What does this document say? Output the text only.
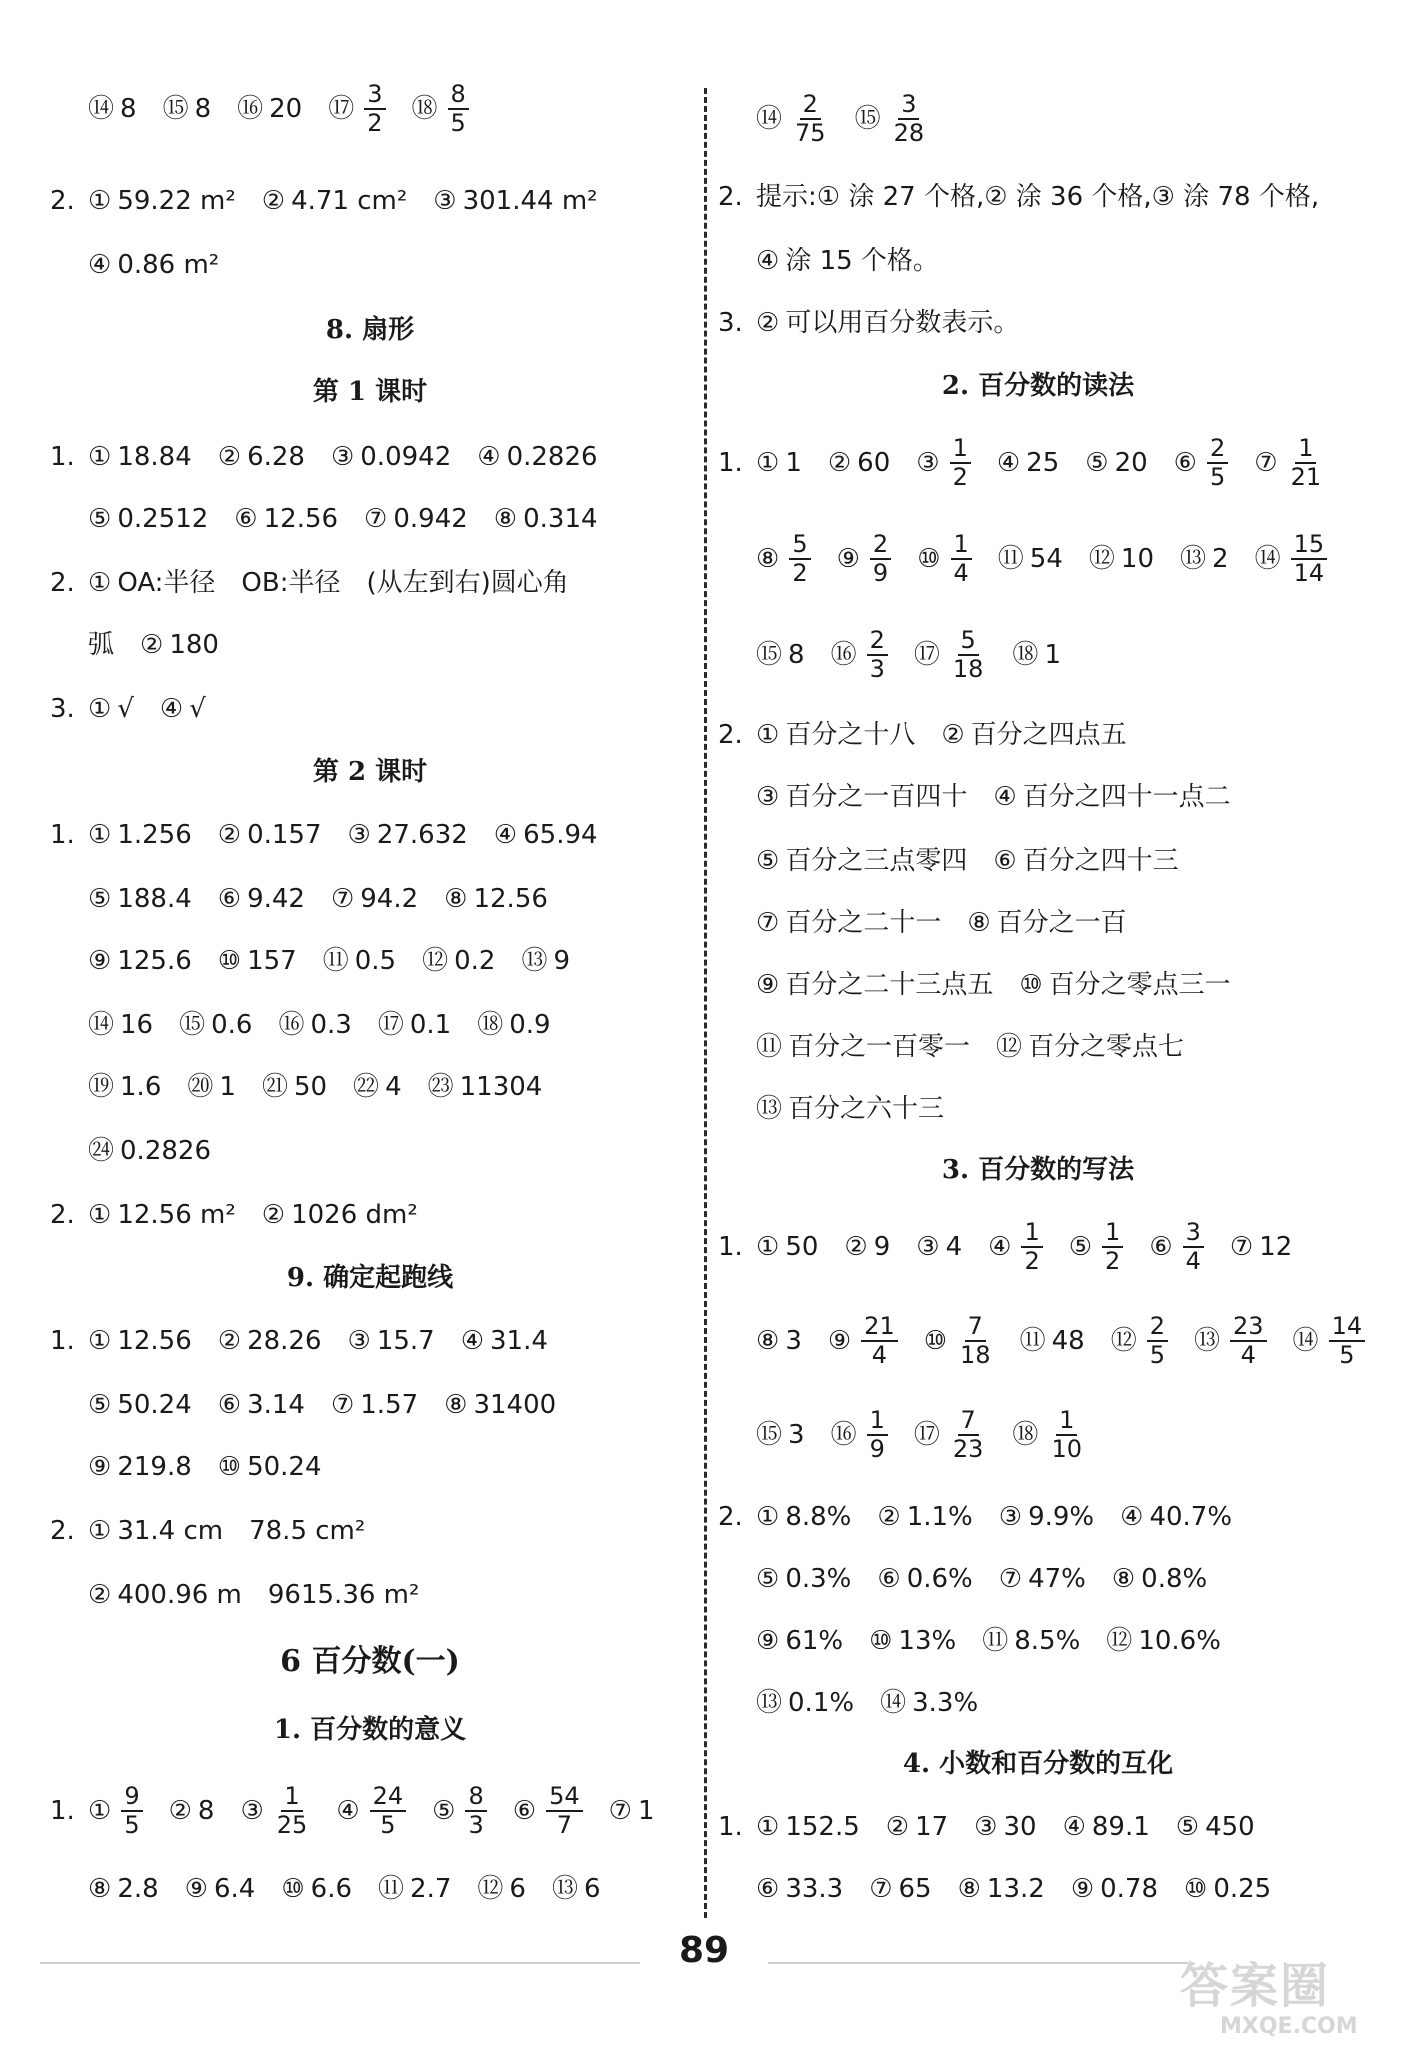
⑭ 8 ⑮ 8 ⑯ 20 ⑰ $\frac{3}{2}$ ⑱ $\frac{8}{5}$
2. ① 59.22 m² ② 4.71 cm² ③ 301.44 m²
④ 0.86 m²
8. 扇形
第 1 课时
1. ① 18.84 ② 6.28 ③ 0.0942 ④ 0.2826
⑤ 0.2512 ⑥ 12.56 ⑦ 0.942 ⑧ 0.314
2. ① OA:半径 OB:半径 (从左到右)圆心角
弧 ② 180
3. ① √ ④ √
第 2 课时
1. ① 1.256 ② 0.157 ③ 27.632 ④ 65.94
⑤ 188.4 ⑥ 9.42 ⑦ 94.2 ⑧ 12.56
⑨ 125.6 ⑩ 157 ⑪ 0.5 ⑫ 0.2 ⑬ 9
⑭ 16 ⑮ 0.6 ⑯ 0.3 ⑰ 0.1 ⑱ 0.9
⑲ 1.6 ⑳ 1 ㉑ 50 ㉒ 4 ㉓ 11304
㉔ 0.2826
2. ① 12.56 m² ② 1026 dm²
9. 确定起跑线
1. ① 12.56 ② 28.26 ③ 15.7 ④ 31.4
⑤ 50.24 ⑥ 3.14 ⑦ 1.57 ⑧ 31400
⑨ 219.8 ⑩ 50.24
2. ① 31.4 cm 78.5 cm²
② 400.96 m 9615.36 m²
6 百分数(一)
1. 百分数的意义
1. ① $\frac{9}{5}$ ② 8 ③ $\frac{1}{25}$ ④ $\frac{24}{5}$ ⑤ $\frac{8}{3}$ ⑥ $\frac{54}{7}$ ⑦ 1
⑧ 2.8 ⑨ 6.4 ⑩ 6.6 ⑪ 2.7 ⑫ 6 ⑬ 6
⑭ $\frac{2}{75}$ ⑮ $\frac{3}{28}$
2. 提示:① 涂 27 个格,② 涂 36 个格,③ 涂 78 个格,
④ 涂 15 个格。
3. ② 可以用百分数表示。
2. 百分数的读法
1. ① 1 ② 60 ③ $\frac{1}{2}$ ④ 25 ⑤ 20 ⑥ $\frac{2}{5}$ ⑦ $\frac{1}{21}$
⑧ $\frac{5}{2}$ ⑨ $\frac{2}{9}$ ⑩ $\frac{1}{4}$ ⑪ 54 ⑫ 10 ⑬ 2 ⑭ $\frac{15}{14}$
⑮ 8 ⑯ $\frac{2}{3}$ ⑰ $\frac{5}{18}$ ⑱ 1
2. ① 百分之十八 ② 百分之四点五
③ 百分之一百四十 ④ 百分之四十一点二
⑤ 百分之三点零四 ⑥ 百分之四十三
⑦ 百分之二十一 ⑧ 百分之一百
⑨ 百分之二十三点五 ⑩ 百分之零点三一
⑪ 百分之一百零一 ⑫ 百分之零点七
⑬ 百分之六十三
3. 百分数的写法
1. ① 50 ② 9 ③ 4 ④ $\frac{1}{2}$ ⑤ $\frac{1}{2}$ ⑥ $\frac{3}{4}$ ⑦ 12
⑧ 3 ⑨ $\frac{21}{4}$ ⑩ $\frac{7}{18}$ ⑪ 48 ⑫ $\frac{2}{5}$ ⑬ $\frac{23}{4}$ ⑭ $\frac{14}{5}$
⑮ 3 ⑯ $\frac{1}{9}$ ⑰ $\frac{7}{23}$ ⑱ $\frac{1}{10}$
2. ① 8.8% ② 1.1% ③ 9.9% ④ 40.7%
⑤ 0.3% ⑥ 0.6% ⑦ 47% ⑧ 0.8%
⑨ 61% ⑩ 13% ⑪ 8.5% ⑫ 10.6%
⑬ 0.1% ⑭ 3.3%
4. 小数和百分数的互化
1. ① 152.5 ② 17 ③ 30 ④ 89.1 ⑤ 450
⑥ 33.3 ⑦ 65 ⑧ 13.2 ⑨ 0.78 ⑩ 0.25
89
答案圈
MXQE.COM
